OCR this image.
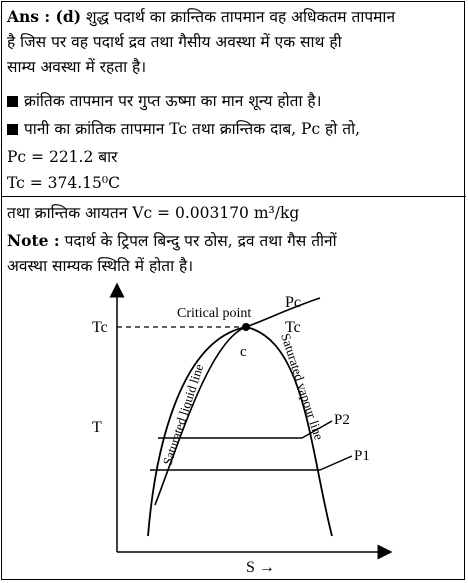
Ans : (d) शुद्ध पदार्थ का क्रान्तिक तापमान वह अधिकतम तापमान
है जिस पर वह पदार्थ द्रव तथा गैसीय अवस्था में एक साथ ही
साम्य अवस्था में रहता है।
क्रांतिक तापमान पर गुप्त ऊष्मा का मान शून्य होता है।
पानी का क्रांतिक तापमान Tc तथा क्रान्तिक दाब, Pc हो तो,
Pc = 221.2 बार
Tc = 374.15⁰C
तथा क्रान्तिक आयतन Vc = 0.003170 m³/kg
Note : पदार्थ के ट्रिपल बिन्दु पर ठोस, द्रव तथा गैस तीनों
अवस्था साम्यक स्थिति में होता है।
Critical point
c
Pc
Tc
Tc
T
S →
P2
P1
Saturated liquid line	Saturated vapour line
